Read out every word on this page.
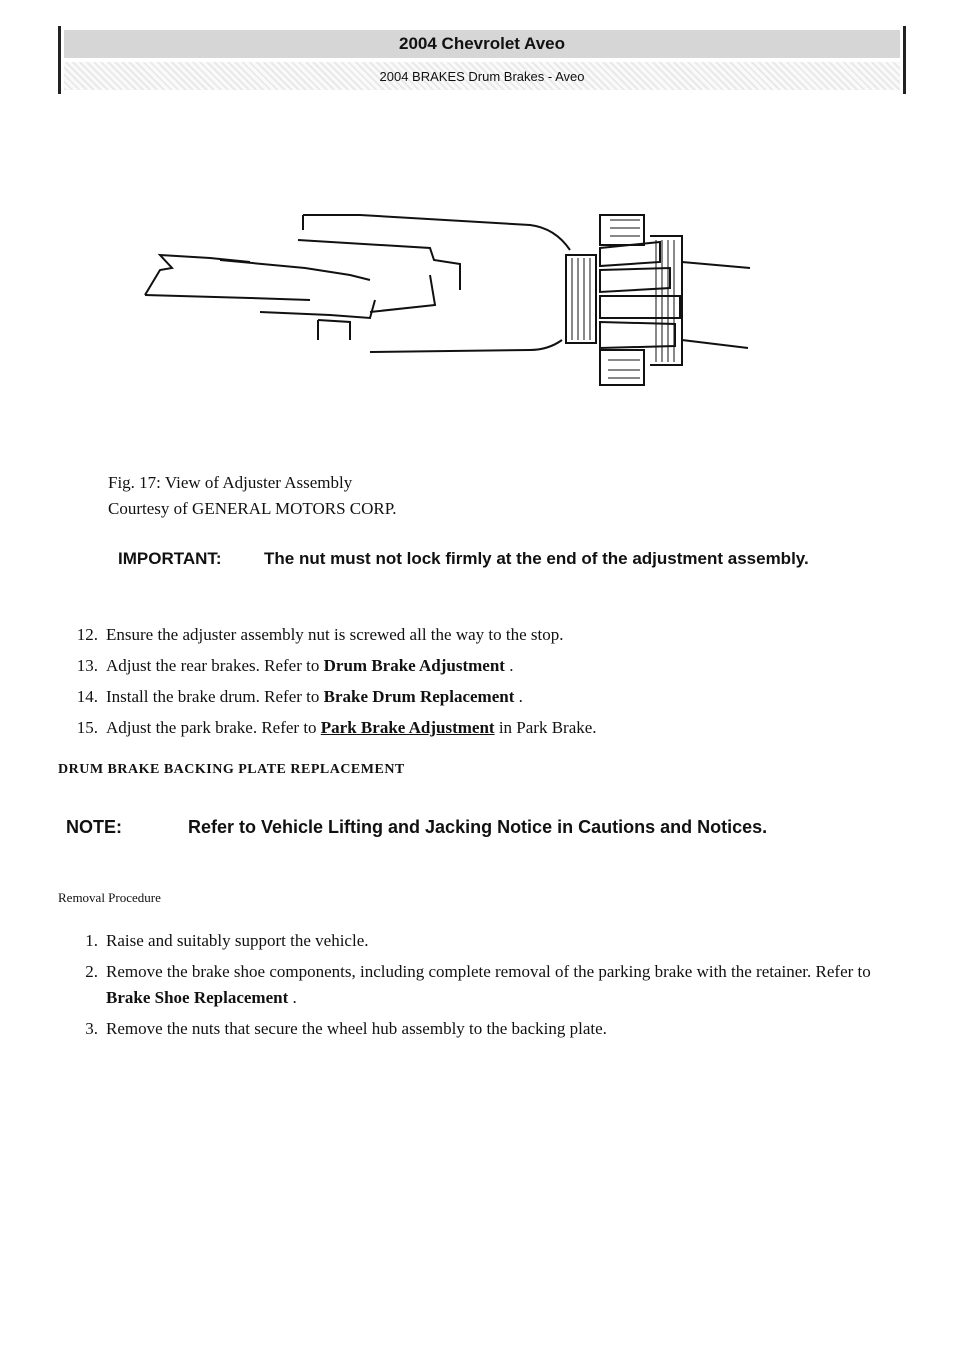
2004 Chevrolet Aveo
2004 BRAKES Drum Brakes - Aveo
Fig. 17: View of Adjuster Assembly
Courtesy of GENERAL MOTORS CORP.
IMPORTANT: The nut must not lock firmly at the end of the adjustment assembly.
12. Ensure the adjuster assembly nut is screwed all the way to the stop.
13. Adjust the rear brakes. Refer to Drum Brake Adjustment .
14. Install the brake drum. Refer to Brake Drum Replacement .
15. Adjust the park brake. Refer to Park Brake Adjustment in Park Brake.
DRUM BRAKE BACKING PLATE REPLACEMENT
NOTE:	Refer to Vehicle Lifting and Jacking Notice in Cautions and Notices.
Removal Procedure
1. Raise and suitably support the vehicle.
2. Remove the brake shoe components, including complete removal of the parking brake with the retainer. Refer to Brake Shoe Replacement .
3. Remove the nuts that secure the wheel hub assembly to the backing plate.
